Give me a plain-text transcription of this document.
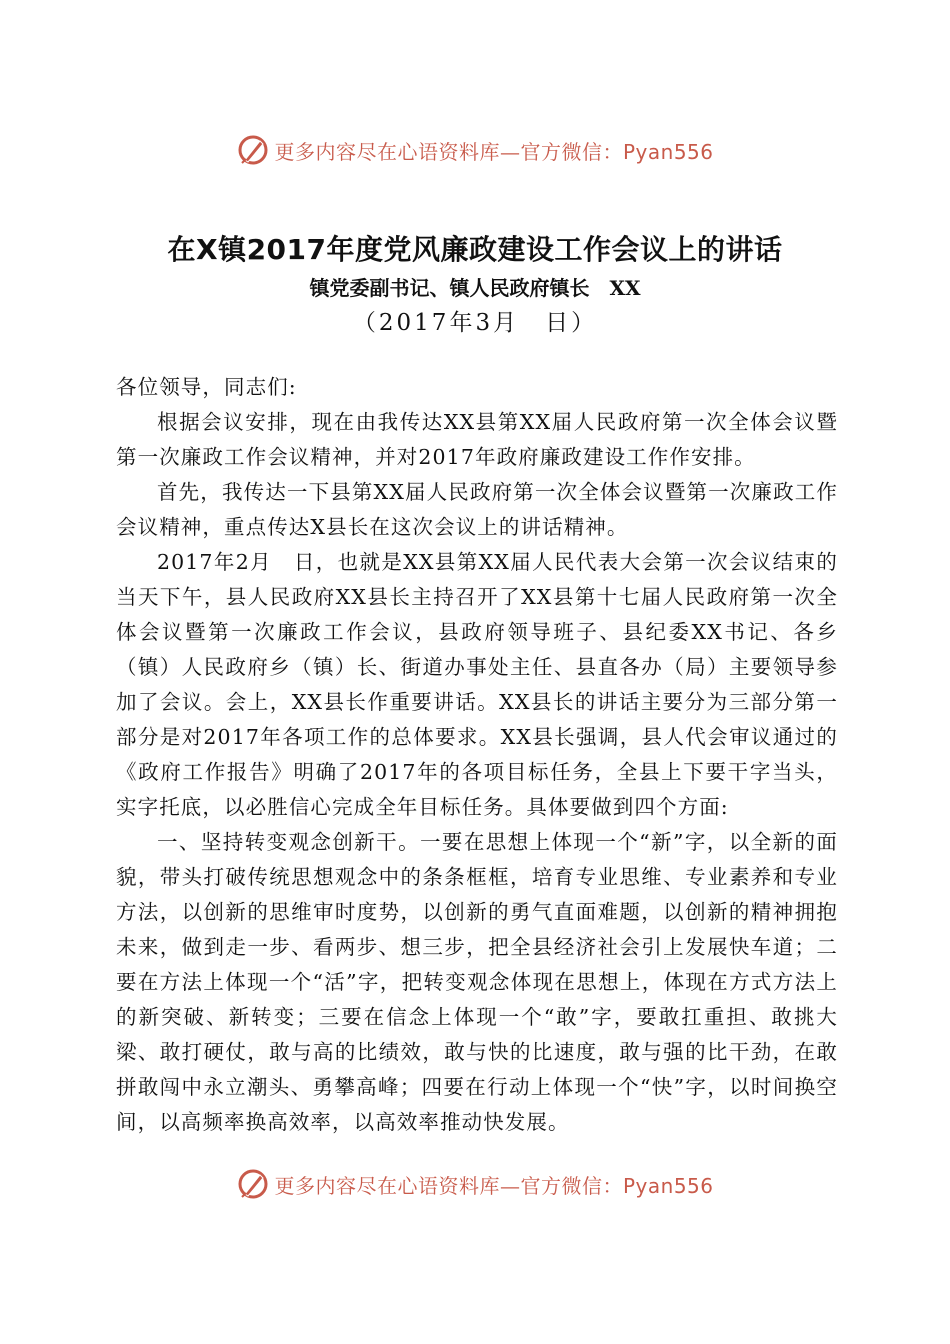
更多内容尽在心语资料库—官方微信：Pyan556
在X镇2017年度党风廉政建设工作会议上的讲话
镇党委副书记、镇人民政府镇长　XX
（2017年3月　日）

各位领导，同志们:

根据会议安排，现在由我传达XX县第XX届人民政府第一次全体会议暨第一次廉政工作会议精神，并对2017年政府廉政建设工作作安排。

首先，我传达一下县第XX届人民政府第一次全体会议暨第一次廉政工作会议精神，重点传达X县长在这次会议上的讲话精神。

2017年2月　日，也就是XX县第XX届人民代表大会第一次会议结束的当天下午，县人民政府XX县长主持召开了XX县第十七届人民政府第一次全体会议暨第一次廉政工作会议，县政府领导班子、县纪委XX书记、各乡（镇）人民政府乡（镇）长、街道办事处主任、县直各办（局）主要领导参加了会议。会上，XX县长作重要讲话。XX县长的讲话主要分为三部分第一部分是对2017年各项工作的总体要求。XX县长强调，县人代会审议通过的《政府工作报告》明确了2017年的各项目标任务，全县上下要干字当头，实字托底，以必胜信心完成全年目标任务。具体要做到四个方面:

一、坚持转变观念创新干。一要在思想上体现一个“新”字，以全新的面貌，带头打破传统思想观念中的条条框框，培育专业思维、专业素养和专业方法，以创新的思维审时度势，以创新的勇气直面难题，以创新的精神拥抱未来，做到走一步、看两步、想三步，把全县经济社会引上发展快车道；二要在方法上体现一个“活”字，把转变观念体现在思想上，体现在方式方法上的新突破、新转变；三要在信念上体现一个“敢”字，要敢扛重担、敢挑大梁、敢打硬仗，敢与高的比绩效，敢与快的比速度，敢与强的比干劲，在敢拼敢闯中永立潮头、勇攀高峰；四要在行动上体现一个“快”字，以时间换空间，以高频率换高效率，以高效率推动快发展。

更多内容尽在心语资料库—官方微信：Pyan556
